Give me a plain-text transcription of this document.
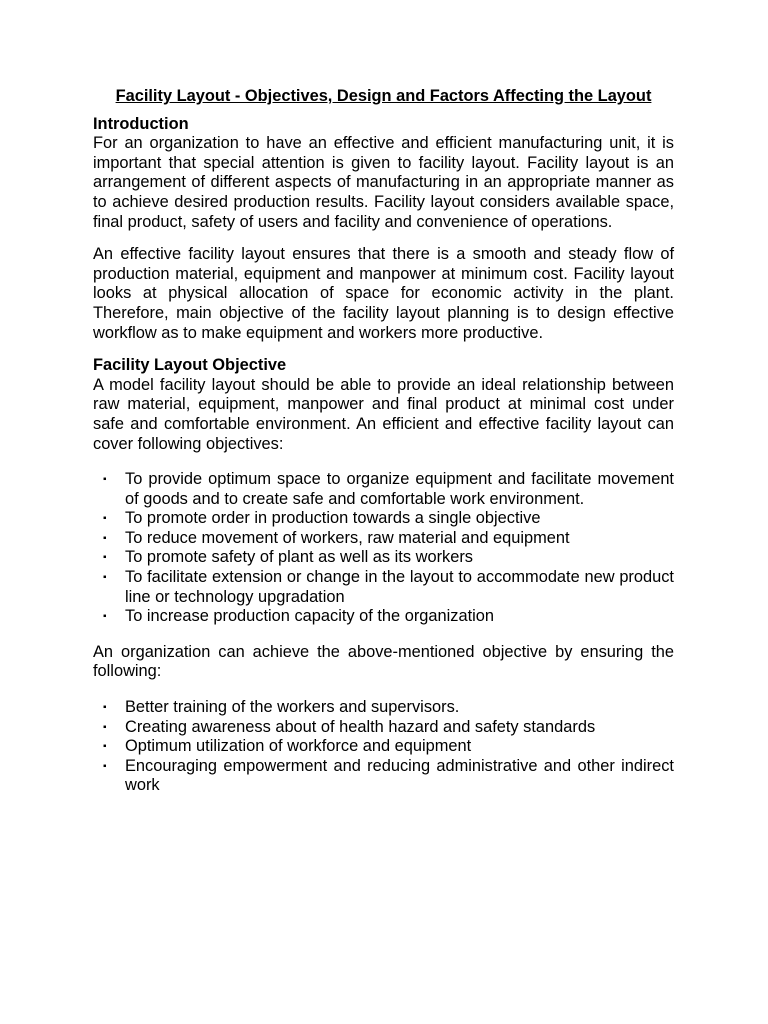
Facility Layout - Objectives, Design and Factors Affecting the Layout
Introduction

For an organization to have an effective and efficient manufacturing unit, it is important that special attention is given to facility layout. Facility layout is an arrangement of different aspects of manufacturing in an appropriate manner as to achieve desired production results. Facility layout considers available space, final product, safety of users and facility and convenience of operations.

An effective facility layout ensures that there is a smooth and steady flow of production material, equipment and manpower at minimum cost. Facility layout looks at physical allocation of space for economic activity in the plant. Therefore, main objective of the facility layout planning is to design effective workflow as to make equipment and workers more productive.

Facility Layout Objective

A model facility layout should be able to provide an ideal relationship between raw material, equipment, manpower and final product at minimal cost under safe and comfortable environment. An efficient and effective facility layout can cover following objectives:

▪ To provide optimum space to organize equipment and facilitate movement of goods and to create safe and comfortable work environment.
▪ To promote order in production towards a single objective
▪ To reduce movement of workers, raw material and equipment
▪ To promote safety of plant as well as its workers
▪ To facilitate extension or change in the layout to accommodate new product line or technology upgradation
▪ To increase production capacity of the organization

An organization can achieve the above-mentioned objective by ensuring the following:

▪ Better training of the workers and supervisors.
▪ Creating awareness about of health hazard and safety standards
▪ Optimum utilization of workforce and equipment
▪ Encouraging empowerment and reducing administrative and other indirect work
